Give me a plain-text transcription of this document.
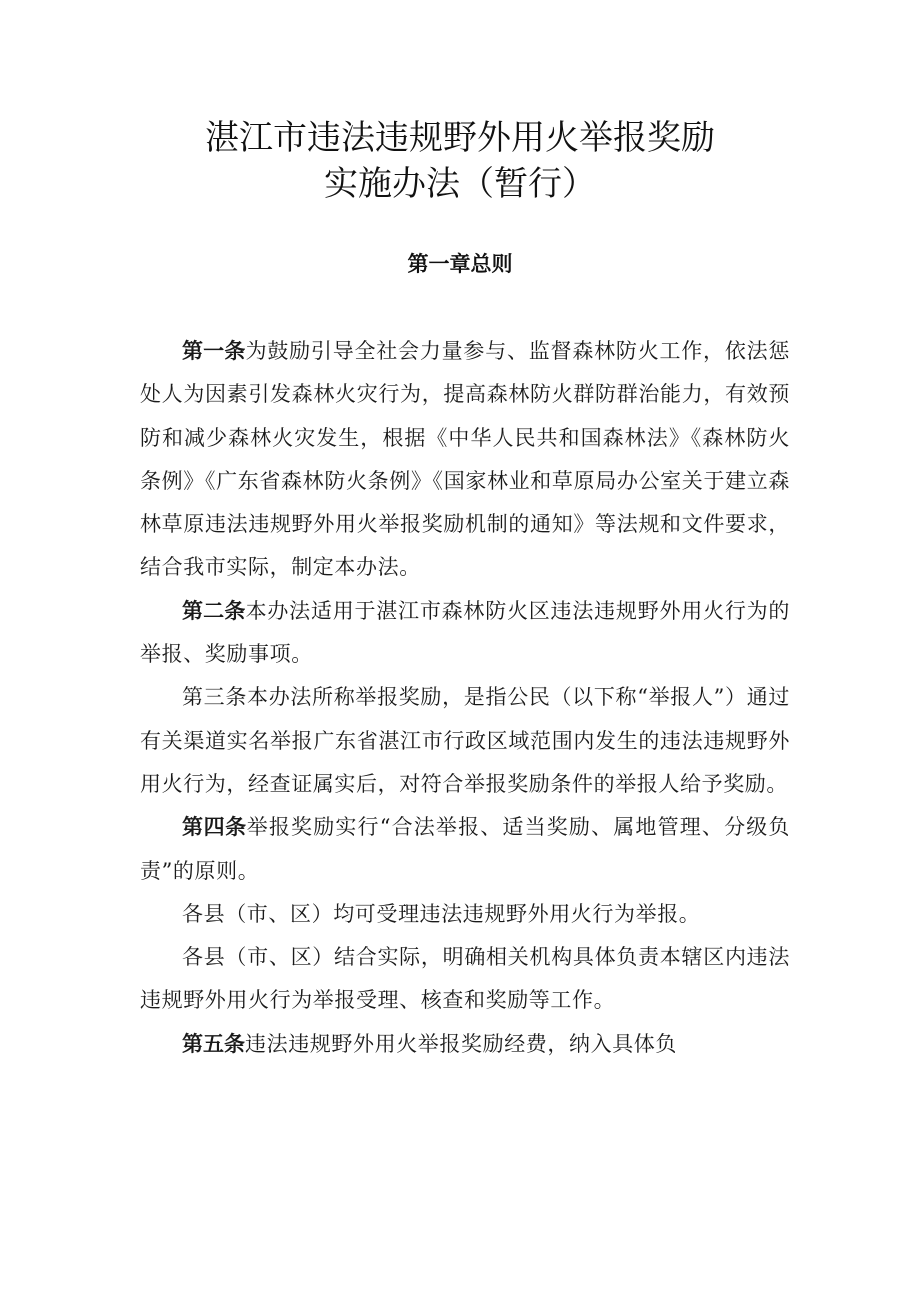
湛江市违法违规野外用火举报奖励
实施办法（暂行）
第一章总则

第一条为鼓励引导全社会力量参与、监督森林防火工作，依法惩处人为因素引发森林火灾行为，提高森林防火群防群治能力，有效预防和减少森林火灾发生，根据《中华人民共和国森林法》《森林防火条例》《广东省森林防火条例》《国家林业和草原局办公室关于建立森林草原违法违规野外用火举报奖励机制的通知》等法规和文件要求，结合我市实际，制定本办法。

第二条本办法适用于湛江市森林防火区违法违规野外用火行为的举报、奖励事项。

第三条本办法所称举报奖励，是指公民（以下称“举报人”）通过有关渠道实名举报广东省湛江市行政区域范围内发生的违法违规野外用火行为，经查证属实后，对符合举报奖励条件的举报人给予奖励。

第四条举报奖励实行“合法举报、适当奖励、属地管理、分级负责”的原则。

各县（市、区）均可受理违法违规野外用火行为举报。

各县（市、区）结合实际，明确相关机构具体负责本辖区内违法违规野外用火行为举报受理、核查和奖励等工作。

第五条违法违规野外用火举报奖励经费，纳入具体负
